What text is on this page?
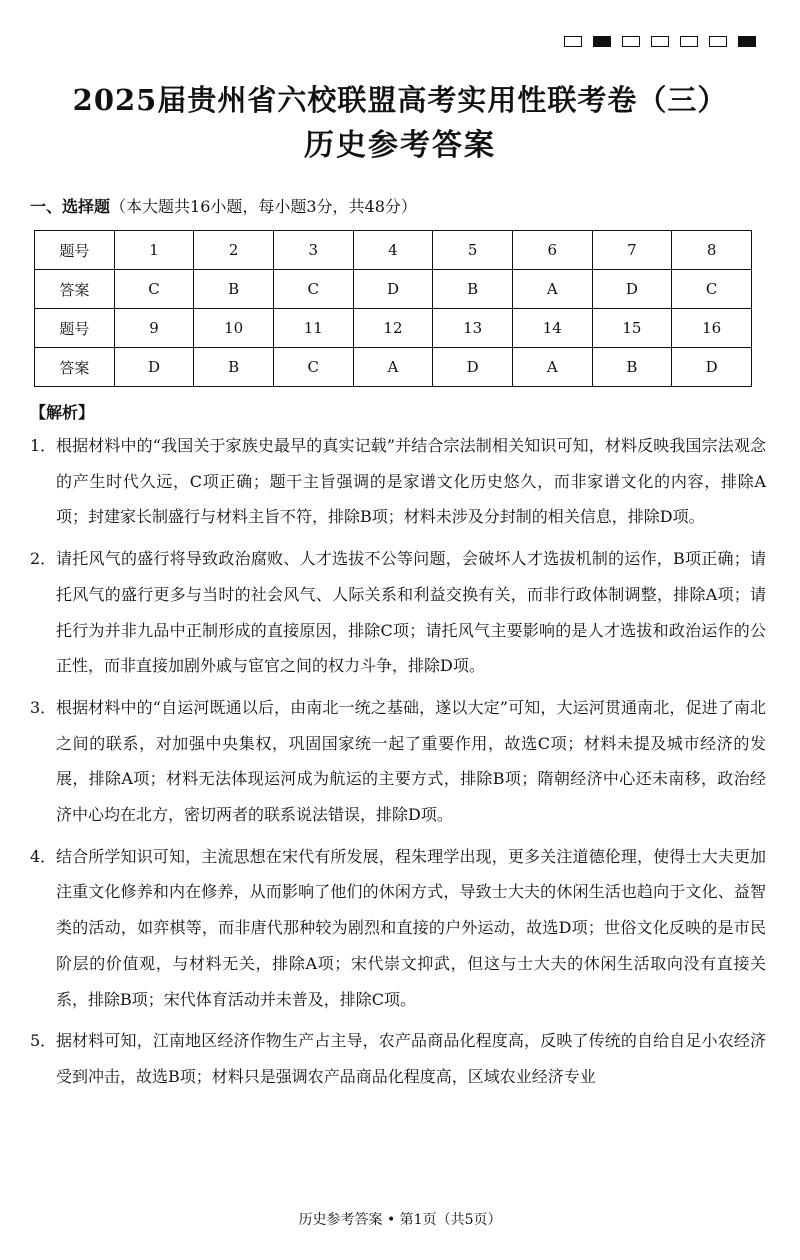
2025届贵州省六校联盟高考实用性联考卷（三）
历史参考答案
一、选择题（本大题共16小题，每小题3分，共48分）
题号	1	2	3	4	5	6	7	8
答案	C	B	C	D	B	A	D	C
题号	9	10	11	12	13	14	15	16
答案	D	B	C	A	D	A	B	D
【解析】
1． 根据材料中的“我国关于家族史最早的真实记载”并结合宗法制相关知识可知，材料反映我国宗法观念的产生时代久远，C项正确；题干主旨强调的是家谱文化历史悠久，而非家谱文化的内容，排除A项；封建家长制盛行与材料主旨不符，排除B项；材料未涉及分封制的相关信息，排除D项。
2． 请托风气的盛行将导致政治腐败、人才选拔不公等问题，会破坏人才选拔机制的运作，B项正确；请托风气的盛行更多与当时的社会风气、人际关系和利益交换有关，而非行政体制调整，排除A项；请托行为并非九品中正制形成的直接原因，排除C项；请托风气主要影响的是人才选拔和政治运作的公正性，而非直接加剧外戚与宦官之间的权力斗争，排除D项。
3． 根据材料中的“自运河既通以后，由南北一统之基础，遂以大定”可知，大运河贯通南北，促进了南北之间的联系，对加强中央集权，巩固国家统一起了重要作用，故选C项；材料未提及城市经济的发展，排除A项；材料无法体现运河成为航运的主要方式，排除B项；隋朝经济中心还未南移，政治经济中心均在北方，密切两者的联系说法错误，排除D项。
4． 结合所学知识可知，主流思想在宋代有所发展，程朱理学出现，更多关注道德伦理，使得士大夫更加注重文化修养和内在修养，从而影响了他们的休闲方式，导致士大夫的休闲生活也趋向于文化、益智类的活动，如弈棋等，而非唐代那种较为剧烈和直接的户外运动，故选D项；世俗文化反映的是市民阶层的价值观，与材料无关，排除A项；宋代崇文抑武，但这与士大夫的休闲生活取向没有直接关系，排除B项；宋代体育活动并未普及，排除C项。
5． 据材料可知，江南地区经济作物生产占主导，农产品商品化程度高，反映了传统的自给自足小农经济受到冲击，故选B项；材料只是强调农产品商品化程度高，区域农业经济专业
历史参考答案 • 第1页（共5页）
